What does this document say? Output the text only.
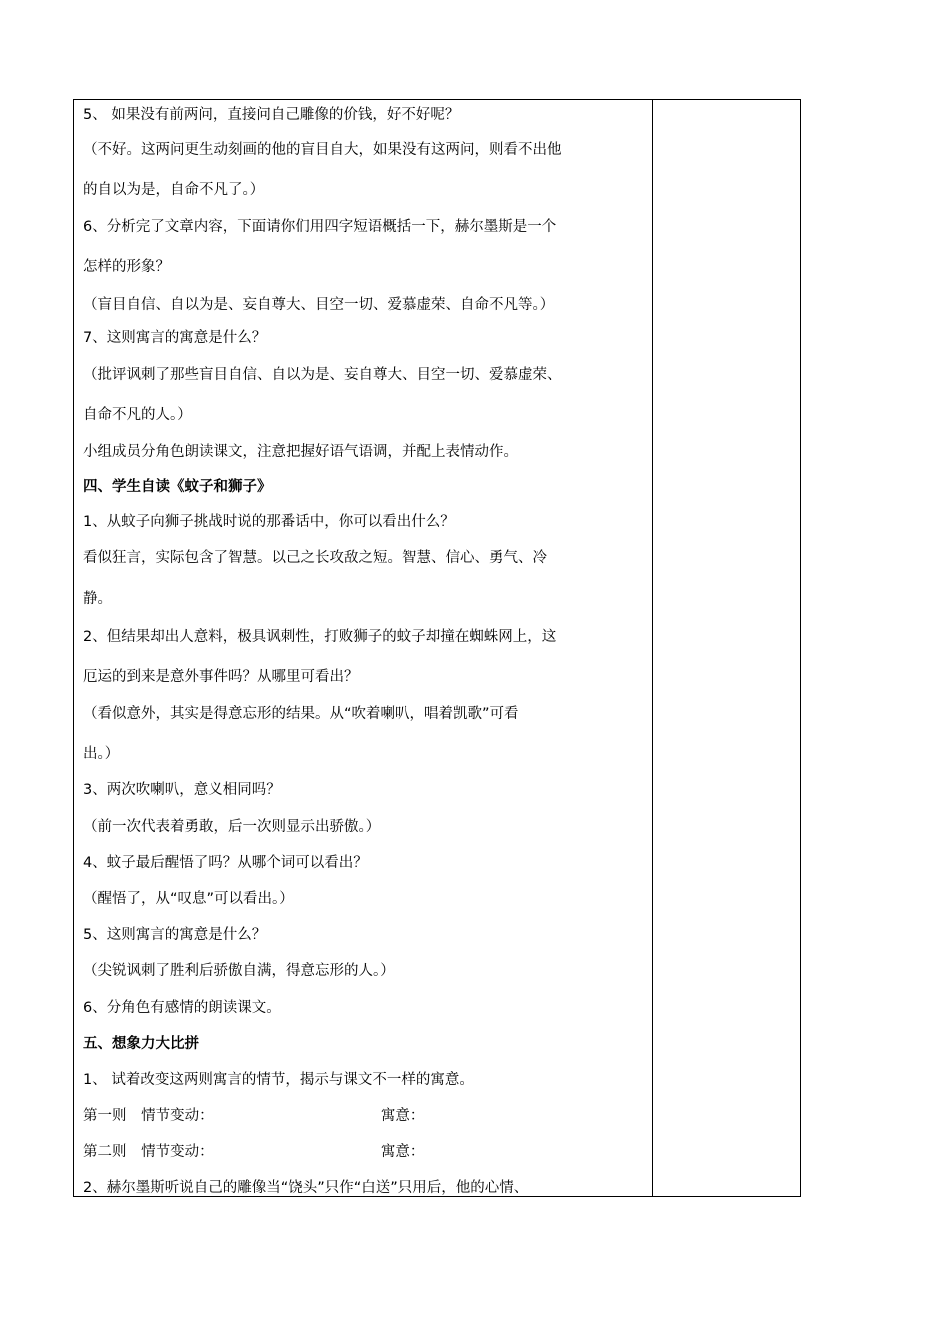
5、 如果没有前两问，直接问自己雕像的价钱，好不好呢？
（不好。这两问更生动刻画的他的盲目自大，如果没有这两问，则看不出他
的自以为是，自命不凡了。）
6、分析完了文章内容，下面请你们用四字短语概括一下，赫尔墨斯是一个
怎样的形象？
（盲目自信、自以为是、妄自尊大、目空一切、爱慕虚荣、自命不凡等。）
7、这则寓言的寓意是什么？
（批评讽刺了那些盲目自信、自以为是、妄自尊大、目空一切、爱慕虚荣、
自命不凡的人。）
小组成员分角色朗读课文，注意把握好语气语调，并配上表情动作。
四、学生自读《蚊子和狮子》
1、从蚊子向狮子挑战时说的那番话中，你可以看出什么？
看似狂言，实际包含了智慧。以己之长攻敌之短。智慧、信心、勇气、冷
静。
2、但结果却出人意料，极具讽刺性，打败狮子的蚊子却撞在蜘蛛网上，这
厄运的到来是意外事件吗？从哪里可看出？
（看似意外，其实是得意忘形的结果。从“吹着喇叭，唱着凯歌”可看
出。）
3、两次吹喇叭，意义相同吗？
（前一次代表着勇敢，后一次则显示出骄傲。）
4、蚊子最后醒悟了吗？从哪个词可以看出？
（醒悟了，从“叹息”可以看出。）
5、这则寓言的寓意是什么？
（尖锐讽刺了胜利后骄傲自满，得意忘形的人。）
6、分角色有感情的朗读课文。
五、想象力大比拼
1、 试着改变这两则寓言的情节，揭示与课文不一样的寓意。
第一则 情节变动：	寓意：
第二则 情节变动：	寓意：
2、赫尔墨斯听说自己的雕像当“饶头”只作“白送”只用后，他的心情、
